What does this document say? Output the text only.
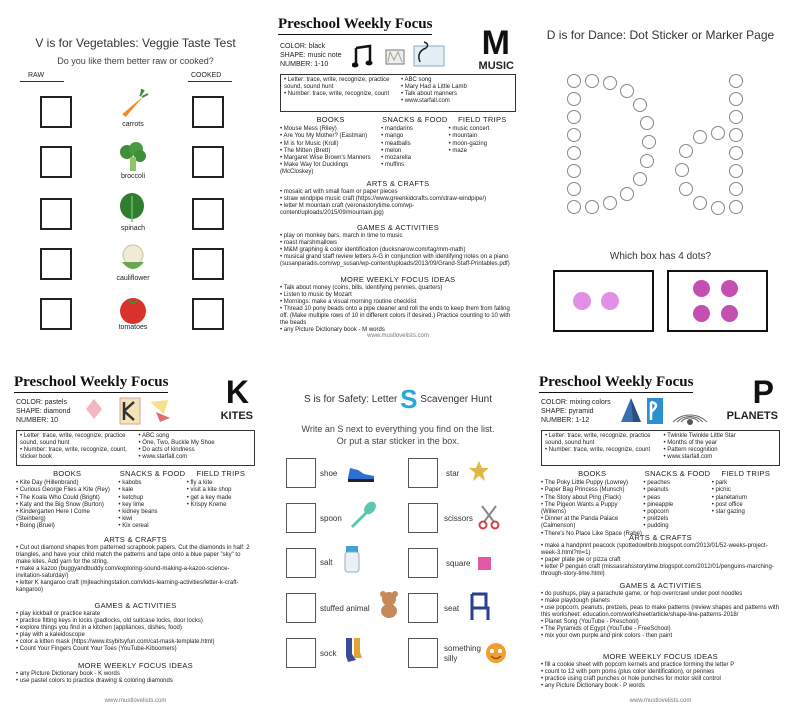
V is for Vegetables: Veggie Taste Test
Do you like them better raw or cooked?
RAW	COOKED
carrots
broccoli
spinach
cauliflower
tomatoes
Preschool Weekly Focus
COLOR: black
SHAPE: music note
NUMBER: 1-10
M
MUSIC
• Letter: trace, write, recognize, practice sound, sound hunt
• Number: trace, write, recognize, count
• ABC song
• Mary Had a Little Lamb
• Talk about manners
• www.starfall.com
BOOKS
• Mouse Mess (Riley)
• Are You My Mother? (Eastman)
• M is for Music (Krull)
• The Mitten (Brett)
• Margaret Wise Brown's Manners
• Make Way for Ducklings (McCloskey)
SNACKS & FOOD
• mandarins
• mango
• meatballs
• melon
• mozarella
• muffins
FIELD TRIPS
• music concert
• mountain
• moon-gazing
• maze
ARTS & CRAFTS
• mosaic art with small foam or paper pieces
• straw windpipe music craft (https://www.greenkidcrafts.com/straw-windpipe/)
• letter M mountain craft (veronastorytime.com/wp-content/uploads/2015/09/mountain.jpg)
GAMES & ACTIVITIES
• play on monkey bars, march in time to music
• roast marshmallows
• M&M graphing & color identification (ducksnarow.com/tag/mm-math)
• musical grand staff review letters A-G in conjunction with identifying notes on a piano (susanparadis.com/wp_susan/wp-content/uploads/2013/09/Grand-Staff-Printables.pdf)
MORE WEEKLY FOCUS IDEAS
• Talk about money (coins, bills, identifying pennies, quarters)
• Listen to music by Mozart
• Mornings: make a visual morning routine checklist
• Thread 10 pony beads onto a pipe cleaner and roll the ends to keep them from falling off. (Make multiple rows of 10 in different colors if desired.) Practice counting to 10 with the beads
• any Picture Dictionary book - M words
www.mustlovelists.com
D is for Dance: Dot Sticker or Marker Page
Which box has 4 dots?
Preschool Weekly Focus
COLOR: pastels
SHAPE: diamond
NUMBER: 10
K
KITES
• Letter: trace, write, recognize, practice sound, sound hunt
• Number: trace, write, recognize, count, sticker book
• ABC song
• One, Two, Buckle My Shoe
• Do acts of kindness
• www.starfall.com
BOOKS
• Kite Day (Hillenbrand)
• Curious George Flies a Kite (Rey)
• The Koala Who Could (Bright)
• Katy and the Big Snow (Burton)
• Kindergarten Here I Come (Steinberg)
• Boing (Bruel)
SNACKS & FOOD
• kabobs
• kale
• ketchup
• key lime
• kidney beans
• kiwi
• Kix cereal
FIELD TRIPS
• fly a kite
• visit a kite shop
• get a key made
• Krispy Kreme
ARTS & CRAFTS
• Cut out diamond shapes from patterned scrapbook papers. Cut the diamonds in half: 2 triangles, and have your child match the patterns and tape onto a blue paper "sky" to make kites. Add yarn for the string.
• make a kazoo (buggyandbuddy.com/exploring-sound-making-a-kazoo-science-invitation-saturday/)
• letter K kangaroo craft (mjteachingstation.com/kids-learning-activities/letter-k-craft-kangaroo)
GAMES & ACTIVITIES
• play kickball or practice karate
• practice fitting keys in locks (padlocks, old suitcase locks, door locks)
• explore things you find in a kitchen (appliances, dishes, food)
• play with a kaleidoscope
• color a kitten mask (https://www.itsybitsyfun.com/cat-mask-template.html)
• Count Your Fingers Count Your Toes (YouTube-Kiboomers)
MORE WEEKLY FOCUS IDEAS
• any Picture Dictionary book - K words
• use pastel colors to practice drawing & coloring diamonds
www.mustlovelists.com
S is for Safety: Letter S Scavenger Hunt
Write an S next to everything you find on the list.
Or put a star sticker in the box.
shoe
spoon
salt
stuffed animal
sock
star
scissors
square
seat
something silly
Preschool Weekly Focus
COLOR: mixing colors
SHAPE: pyramid
NUMBER: 1-12
P
PLANETS
• Letter: trace, write, recognize, practice sound, sound hunt
• Number: trace, write, recognize, count
• Twinkle Twinkle Little Star
• Months of the year
• Pattern recognition
• www.starfall.com
BOOKS
• The Poky Little Puppy (Lowrey)
• Paper Bag Princess (Munsch)
• The Story about Ping (Flack)
• The Pigeon Wants a Puppy (Willems)
• Dinner at the Panda Palace (Calmenson)
• There's No Place Like Space (Rabe)
SNACKS & FOOD
• peaches
• peanuts
• peas
• pineapple
• popcorn
• pretzels
• pudding
FIELD TRIPS
• park
• picnic
• planetarium
• post office
• star gazing
ARTS & CRAFTS
• make a handprint peacock (spottedowlbnb.blogspot.com/2013/01/52-weeks-project-week-3.html?m=1)
• paper plate pie or pizza craft
• letter P penguin craft (missasrahsstorytime.blogspot.com/2012/01/penguins-marching-through-story-time.html)
GAMES & ACTIVITIES
• do pushups, play a parachute game, or hop over/crawl under pool noodles
• make playdough planets
• use popcorn, peanuts, pretzels, peas to make patterns (review shapes and patterns with this worksheet: education.com/worksheet/article/shape-line-patterns-2018/
• Planet Song (YouTube - Preschool)
• The Pyramids of Egypt (YouTube - FreeSchool)
• mix your own purple and pink colors - then paint
MORE WEEKLY FOCUS IDEAS
• fill a cookie sheet with popcorn kernels and practice forming the letter P
• count to 12 with pom poms (plus color identification), or pennies
• practice using craft punches or hole punches for motor skill control
• any Picture Dictionary book - P words
www.mustlovelists.com
